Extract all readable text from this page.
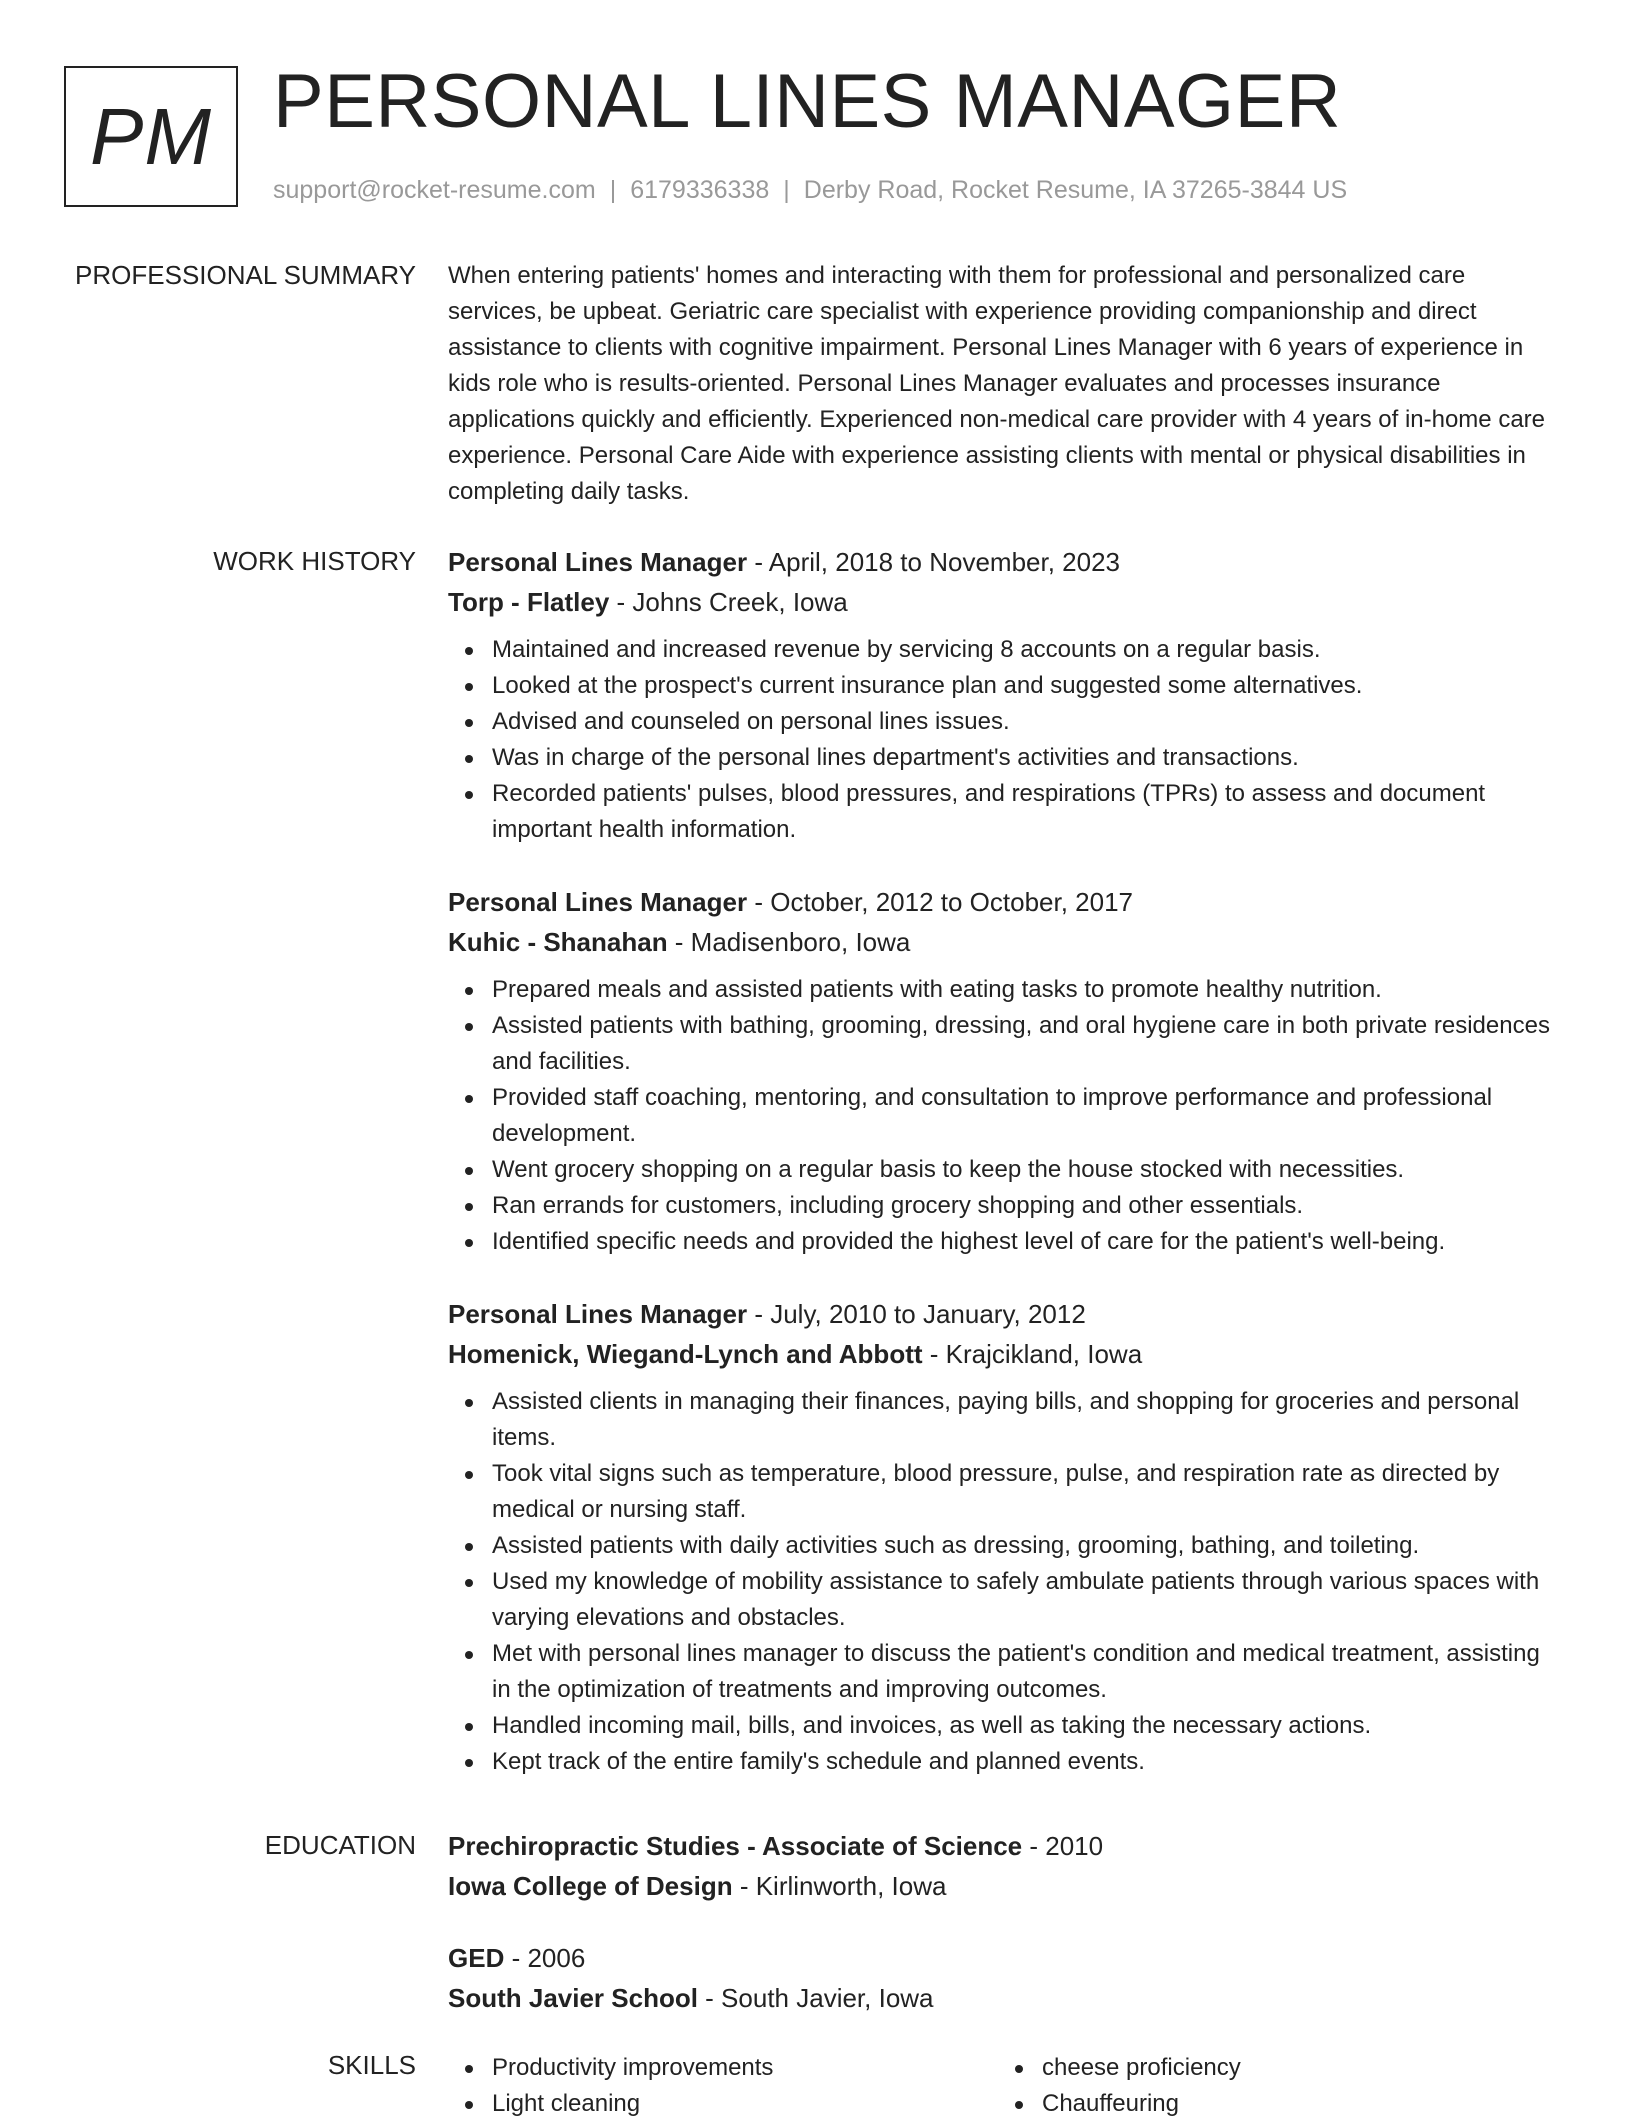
PM PERSONAL LINES MANAGER
support@rocket-resume.com | 6179336338 | Derby Road, Rocket Resume, IA 37265-3844 US
PROFESSIONAL SUMMARY When entering patients' homes and interacting with them for professional and personalized care services, be upbeat. Geriatric care specialist with experience providing companionship and direct assistance to clients with cognitive impairment. Personal Lines Manager with 6 years of experience in kids role who is results-oriented. Personal Lines Manager evaluates and processes insurance applications quickly and efficiently. Experienced non-medical care provider with 4 years of in-home care experience. Personal Care Aide with experience assisting clients with mental or physical disabilities in completing daily tasks.

WORK HISTORY Personal Lines Manager - April, 2018 to November, 2023
Torp - Flatley - Johns Creek, Iowa
Maintained and increased revenue by servicing 8 accounts on a regular basis.
Looked at the prospect's current insurance plan and suggested some alternatives.
Advised and counseled on personal lines issues.
Was in charge of the personal lines department's activities and transactions.
Recorded patients' pulses, blood pressures, and respirations (TPRs) to assess and document important health information.
Personal Lines Manager - October, 2012 to October, 2017
Kuhic - Shanahan - Madisenboro, Iowa
Prepared meals and assisted patients with eating tasks to promote healthy nutrition.
Assisted patients with bathing, grooming, dressing, and oral hygiene care in both private residences and facilities.
Provided staff coaching, mentoring, and consultation to improve performance and professional development.
Went grocery shopping on a regular basis to keep the house stocked with necessities.
Ran errands for customers, including grocery shopping and other essentials.
Identified specific needs and provided the highest level of care for the patient's well-being.
Personal Lines Manager - July, 2010 to January, 2012
Homenick, Wiegand-Lynch and Abbott - Krajcikland, Iowa
Assisted clients in managing their finances, paying bills, and shopping for groceries and personal items.
Took vital signs such as temperature, blood pressure, pulse, and respiration rate as directed by medical or nursing staff.
Assisted patients with daily activities such as dressing, grooming, bathing, and toileting.
Used my knowledge of mobility assistance to safely ambulate patients through various spaces with varying elevations and obstacles.
Met with personal lines manager to discuss the patient's condition and medical treatment, assisting in the optimization of treatments and improving outcomes.
Handled incoming mail, bills, and invoices, as well as taking the necessary actions.
Kept track of the entire family's schedule and planned events.
EDUCATION Prechiropractic Studies - Associate of Science - 2010
Iowa College of Design - Kirlinworth, Iowa
GED - 2006
South Javier School - South Javier, Iowa
SKILLS	Productivity improvements
Light cleaning
cheese proficiency
Chauffeuring
